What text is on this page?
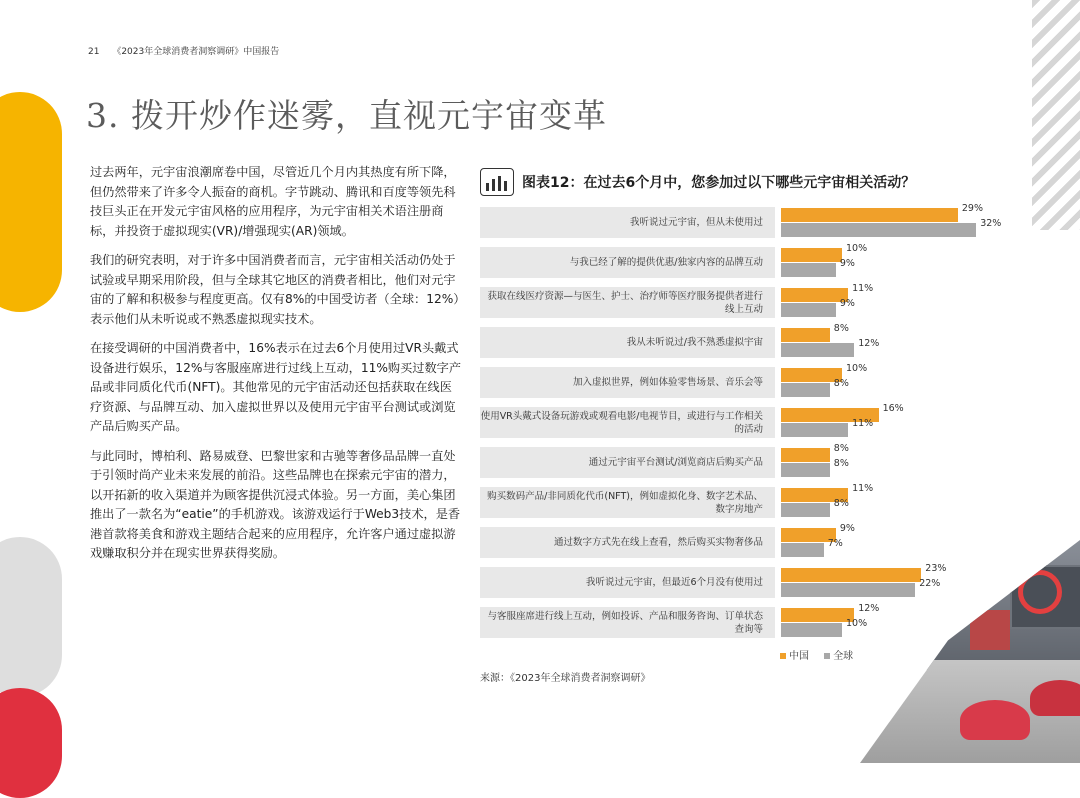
21 《2023年全球消费者洞察调研》中国报告
3. 拨开炒作迷雾，直视元宇宙变革

过去两年，元宇宙浪潮席卷中国，尽管近几个月内其热度有所下降，但仍然带来了许多令人振奋的商机。字节跳动、腾讯和百度等领先科技巨头正在开发元宇宙风格的应用程序，为元宇宙相关术语注册商标，并投资于虚拟现实(VR)/增强现实(AR)领域。

我们的研究表明，对于许多中国消费者而言，元宇宙相关活动仍处于试验或早期采用阶段，但与全球其它地区的消费者相比，他们对元宇宙的了解和积极参与程度更高。仅有8%的中国受访者（全球：12%）表示他们从未听说或不熟悉虚拟现实技术。

在接受调研的中国消费者中，16%表示在过去6个月使用过VR头戴式设备进行娱乐，12%与客服座席进行过线上互动，11%购买过数字产品或非同质化代币(NFT)。其他常见的元宇宙活动还包括获取在线医疗资源、与品牌互动、加入虚拟世界以及使用元宇宙平台测试或浏览产品后购买产品。

与此同时，博柏利、路易威登、巴黎世家和古驰等奢侈品品牌一直处于引领时尚产业未来发展的前沿。这些品牌也在探索元宇宙的潜力，以开拓新的收入渠道并为顾客提供沉浸式体验。另一方面，美心集团推出了一款名为“eatie”的手机游戏。该游戏运行于Web3技术，是香港首款将美食和游戏主题结合起来的应用程序，允许客户通过虚拟游戏赚取积分并在现实世界获得奖励。

图表12：在过去6个月中，您参加过以下哪些元宇宙相关活动？
我听说过元宇宙，但从未使用过
29%
32%
与我已经了解的提供优惠/独家内容的品牌互动
10%
9%
获取在线医疗资源—与医生、护士、治疗师等医疗服务提供者进行线上互动
11%
9%
我从未听说过/我不熟悉虚拟宇宙
8%
12%
加入虚拟世界，例如体验零售场景、音乐会等
10%
8%
使用VR头戴式设备玩游戏或观看电影/电视节目，或进行与工作相关的活动
16%
11%
通过元宇宙平台测试/浏览商店后购买产品
8%
8%
购买数码产品/非同质化代币(NFT)，例如虚拟化身、数字艺术品、数字房地产
11%
8%
通过数字方式先在线上查看，然后购买实物奢侈品
9%
7%
我听说过元宇宙，但最近6个月没有使用过
23%
22%
与客服座席进行线上互动，例如投诉、产品和服务咨询、订单状态查询等
12%
10%
中国 全球
来源：《2023年全球消费者洞察调研》
